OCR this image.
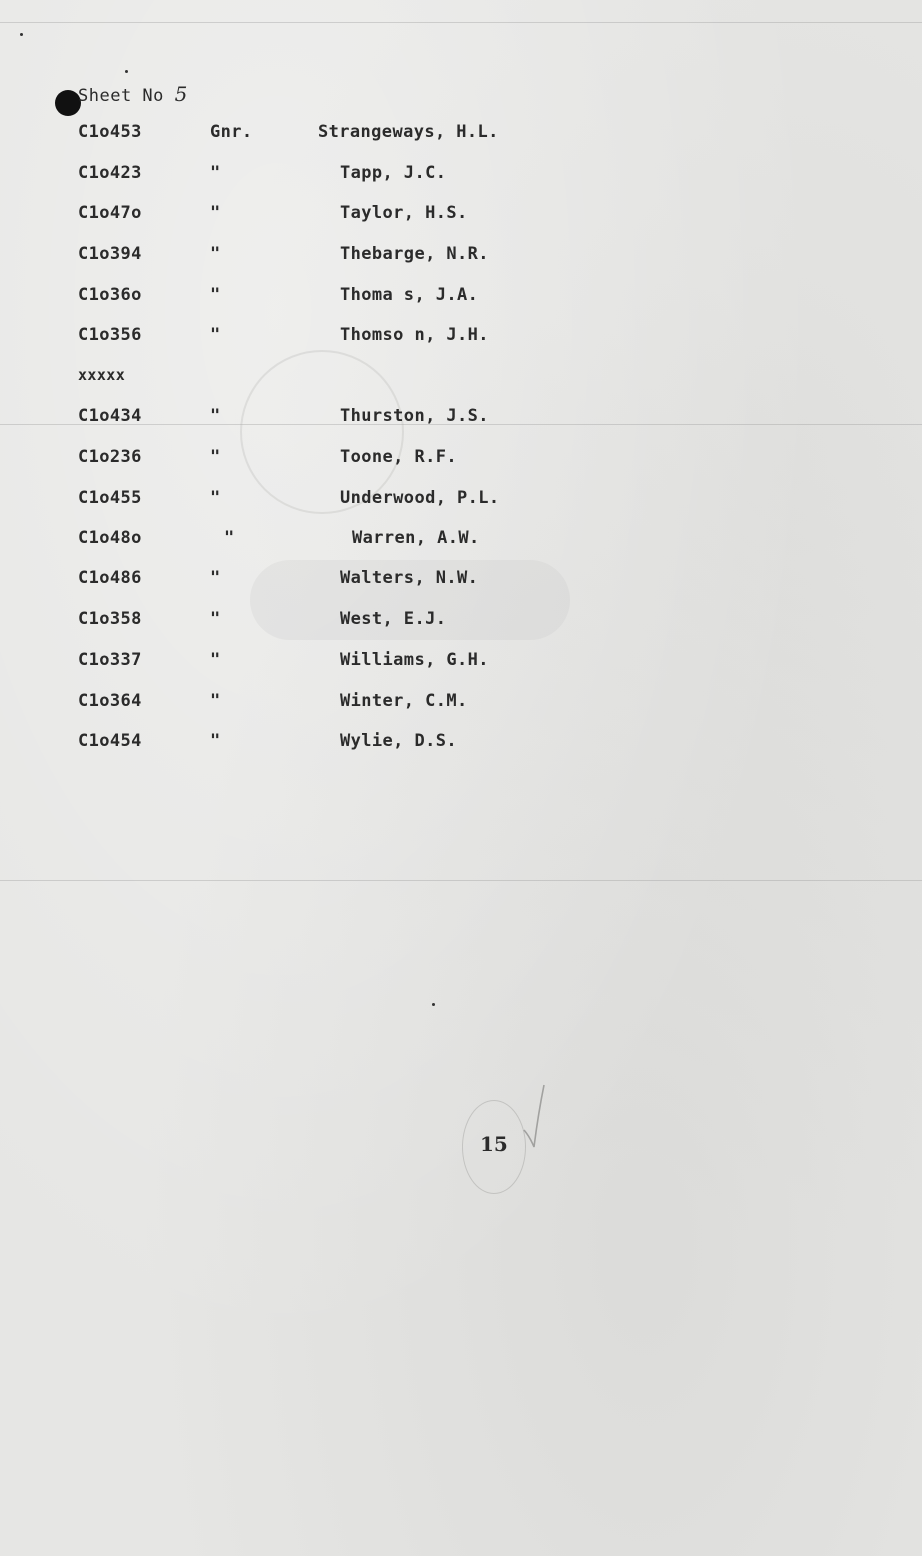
Sheet No 5
C1o453	Gnr.	Strangeways, H.L.
C1o423	"	Tapp, J.C.
C1o47o	"	Taylor, H.S.
C1o394	"	Thebarge, N.R.
C1o36o	"	Thoma s, J.A.
C1o356	"	Thomso n, J.H.
xxxxx
C1o434	"	Thurston, J.S.
C1o236	"	Toone, R.F.
C1o455	"	Underwood, P.L.
C1o48o	"	Warren, A.W.
C1o486	"	Walters, N.W.
C1o358	"	West, E.J.
C1o337	"	Williams, G.H.
C1o364	"	Winter, C.M.
C1o454	"	Wylie, D.S.
15
